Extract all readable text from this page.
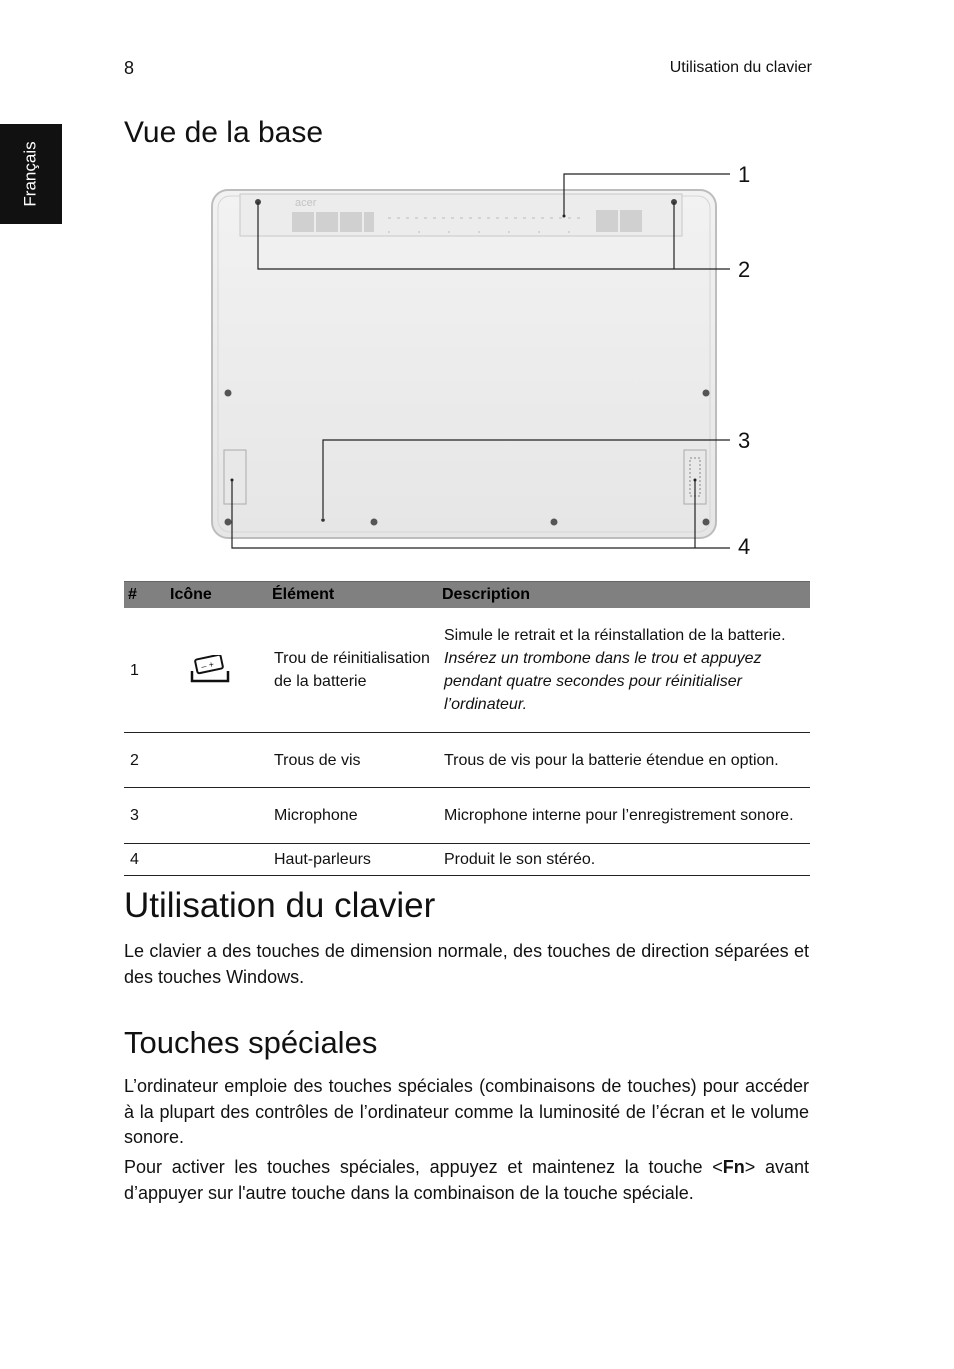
8	Utilisation du clavier
Français
Vue de la base
acer
1
2
3
4
#	Icône	Élément	Description
1	– +	Trou de réinitialisation de la batterie	Simule le retrait et la réinstallation de la batterie.
Insérez un trombone dans le trou et appuyez pendant quatre secondes pour réinitialiser l’ordinateur.

2		Trous de vis	Trous de vis pour la batterie étendue en option.
3		Microphone	Microphone interne pour l’enregistrement sonore.
4		Haut-parleurs	Produit le son stéréo.
Utilisation du clavier

Le clavier a des touches de dimension normale, des touches de direction séparées et des touches Windows.

Touches spéciales

L’ordinateur emploie des touches spéciales (combinaisons de touches) pour accéder à la plupart des contrôles de l’ordinateur comme la luminosité de l’écran et le volume sonore.

Pour activer les touches spéciales, appuyez et maintenez la touche <Fn> avant d’appuyer sur l'autre touche dans la combinaison de la touche spéciale.
